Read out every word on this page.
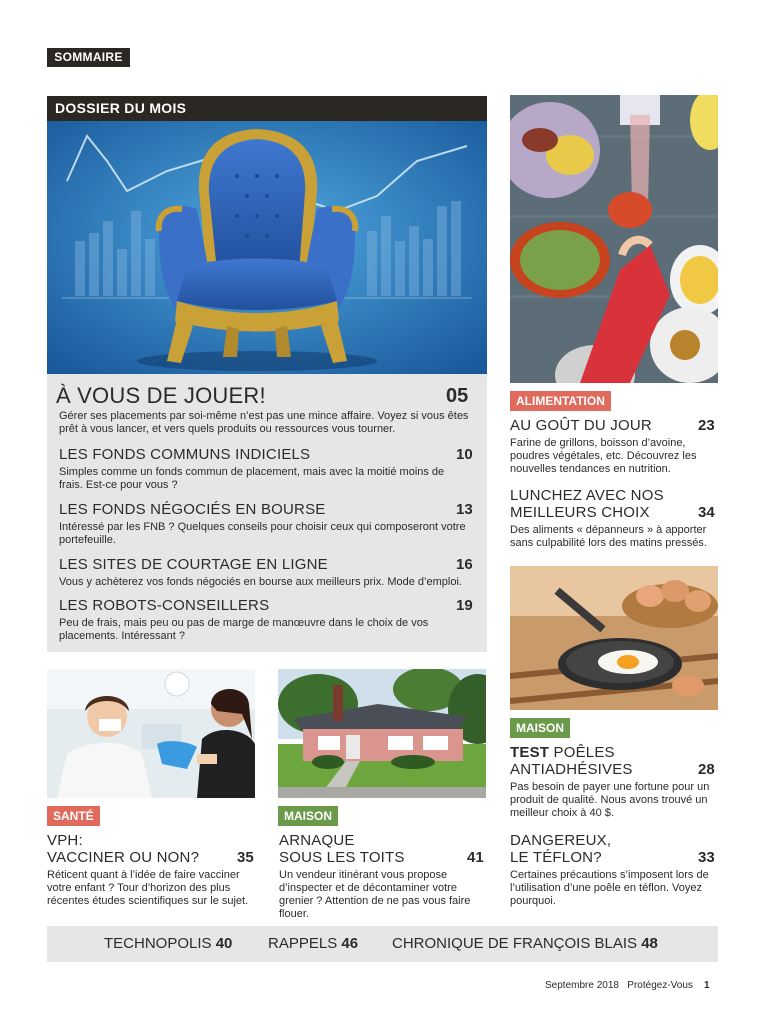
SOMMAIRE
DOSSIER DU MOIS
À VOUS DE JOUER!	05
Gérer ses placements par soi-même n’est pas une mince affaire. Voyez si vous êtes prêt à vous lancer, et vers quels produits ou ressources vous tourner.
LES FONDS COMMUNS INDICIELS	10
Simples comme un fonds commun de placement, mais avec la moitié moins de frais. Est-ce pour vous ?
LES FONDS NÉGOCIÉS EN BOURSE	13
Intéressé par les FNB ? Quelques conseils pour choisir ceux qui composeront votre portefeuille.
LES SITES DE COURTAGE EN LIGNE	16
Vous y achèterez vos fonds négociés en bourse aux meilleurs prix. Mode d’emploi.
LES ROBOTS-CONSEILLERS	19
Peu de frais, mais peu ou pas de marge de manœuvre dans le choix de vos placements. Intéressant ?
ALIMENTATION
AU GOÛT DU JOUR	23
Farine de grillons, boisson d’avoine, poudres végétales, etc. Découvrez les nouvelles tendances en nutrition.
LUNCHEZ AVEC NOS
MEILLEURS CHOIX	34
Des aliments « dépanneurs » à apporter sans culpabilité lors des matins pressés.
MAISON
TEST POÊLES
ANTIADHÉSIVES	28
Pas besoin de payer une fortune pour un produit de qualité. Nous avons trouvé un meilleur choix à 40 $.
DANGEREUX,
LE TÉFLON?	33
Certaines précautions s’imposent lors de l’utilisation d’une poêle en téflon. Voyez pourquoi.
SANTÉ
VPH:
VACCINER OU NON?	35
Réticent quant à l’idée de faire vacciner votre enfant ? Tour d’horizon des plus récentes études scientifiques sur le sujet.
MAISON
ARNAQUE
SOUS LES TOITS	41
Un vendeur itinérant vous propose d’inspecter et de décontaminer votre grenier ? Attention de ne pas vous faire flouer.
TECHNOPOLIS 40 RAPPELS 46 CHRONIQUE DE FRANÇOIS BLAIS 48
Septembre 2018 Protégez-Vous 1
